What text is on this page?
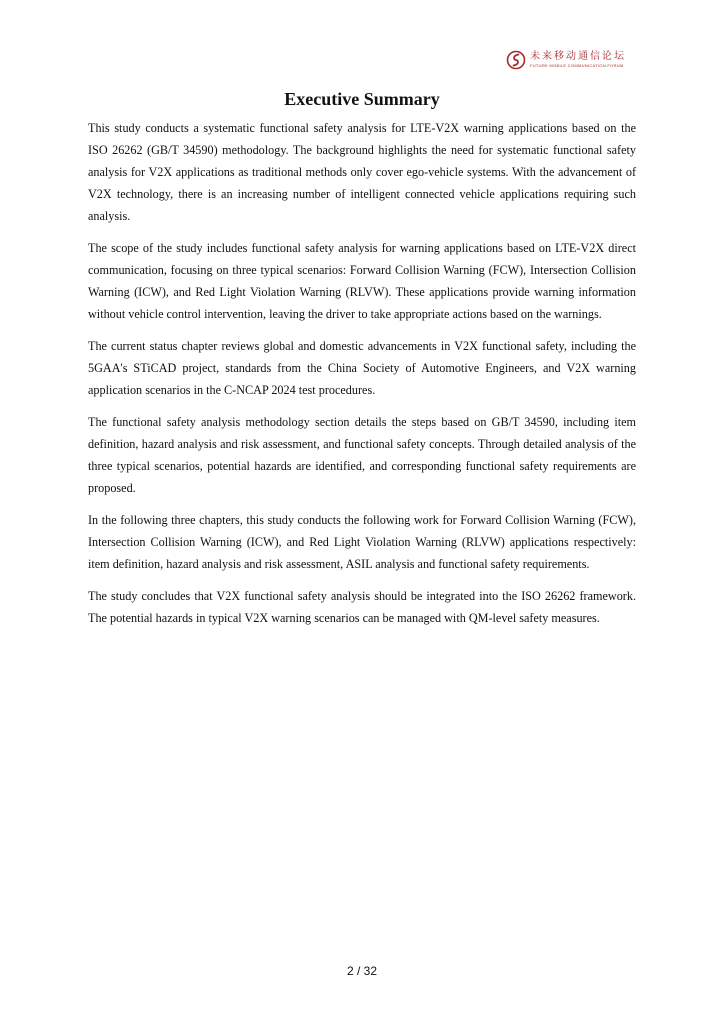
未来移动通信论坛
FUTURE MOBILE COMMUNICATION FORUM
Executive Summary

This study conducts a systematic functional safety analysis for LTE-V2X warning applications based on the ISO 26262 (GB/T 34590) methodology. The background highlights the need for systematic functional safety analysis for V2X applications as traditional methods only cover ego-vehicle systems. With the advancement of V2X technology, there is an increasing number of intelligent connected vehicle applications requiring such analysis.

The scope of the study includes functional safety analysis for warning applications based on LTE-V2X direct communication, focusing on three typical scenarios: Forward Collision Warning (FCW), Intersection Collision Warning (ICW), and Red Light Violation Warning (RLVW). These applications provide warning information without vehicle control intervention, leaving the driver to take appropriate actions based on the warnings.

The current status chapter reviews global and domestic advancements in V2X functional safety, including the 5GAA's STiCAD project, standards from the China Society of Automotive Engineers, and V2X warning application scenarios in the C-NCAP 2024 test procedures.

The functional safety analysis methodology section details the steps based on GB/T 34590, including item definition, hazard analysis and risk assessment, and functional safety concepts. Through detailed analysis of the three typical scenarios, potential hazards are identified, and corresponding functional safety requirements are proposed.

In the following three chapters, this study conducts the following work for Forward Collision Warning (FCW), Intersection Collision Warning (ICW), and Red Light Violation Warning (RLVW) applications respectively: item definition, hazard analysis and risk assessment, ASIL analysis and functional safety requirements.

The study concludes that V2X functional safety analysis should be integrated into the ISO 26262 framework. The potential hazards in typical V2X warning scenarios can be managed with QM-level safety measures.

2 / 32
